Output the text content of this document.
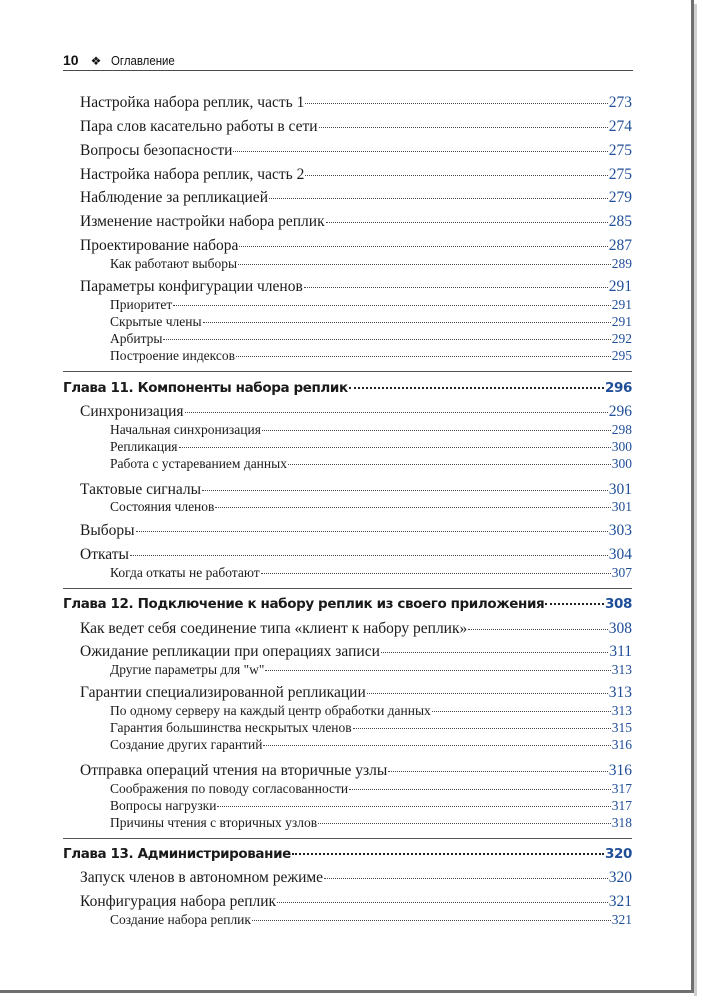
10 ❖ Оглавление
Настройка набора реплик, часть 1	273
Пара слов касательно работы в сети	274
Вопросы безопасности	275
Настройка набора реплик, часть 2	275
Наблюдение за репликацией	279
Изменение настройки набора реплик	285
Проектирование набора	287
Как работают выборы	289
Параметры конфигурации членов	291
Приоритет	291
Скрытые члены	291
Арбитры	292
Построение индексов	295
Глава 11. Компоненты набора реплик	296
Синхронизация	296
Начальная синхронизация	298
Репликация	300
Работа с устареванием данных	300
Тактовые сигналы	301
Состояния членов	301
Выборы	303
Откаты	304
Когда откаты не работают	307
Глава 12. Подключение к набору реплик из своего приложения	308
Как ведет себя соединение типа «клиент к набору реплик»	308
Ожидание репликации при операциях записи	311
Другие параметры для "w"	313
Гарантии специализированной репликации	313
По одному серверу на каждый центр обработки данных	313
Гарантия большинства нескрытых членов	315
Создание других гарантий	316
Отправка операций чтения на вторичные узлы	316
Соображения по поводу согласованности	317
Вопросы нагрузки	317
Причины чтения с вторичных узлов	318
Глава 13. Администрирование	320
Запуск членов в автономном режиме	320
Конфигурация набора реплик	321
Создание набора реплик	321
